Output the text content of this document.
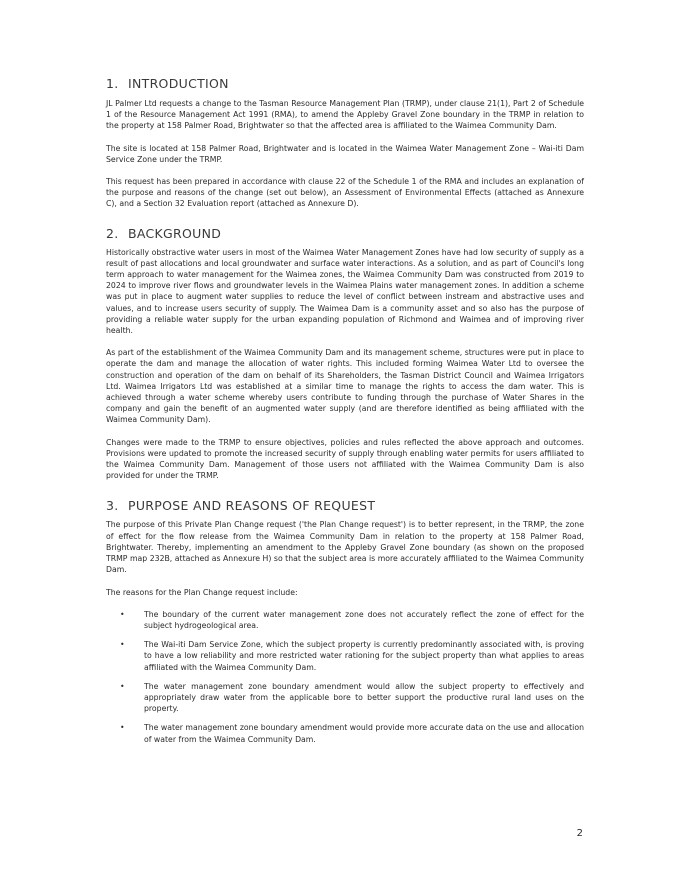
1. INTRODUCTION

JL Palmer Ltd requests a change to the Tasman Resource Management Plan (TRMP), under clause 21(1), Part 2 of Schedule 1 of the Resource Management Act 1991 (RMA), to amend the Appleby Gravel Zone boundary in the TRMP in relation to the property at 158 Palmer Road, Brightwater so that the affected area is affiliated to the Waimea Community Dam.

The site is located at 158 Palmer Road, Brightwater and is located in the Waimea Water Management Zone – Wai-iti Dam Service Zone under the TRMP.

This request has been prepared in accordance with clause 22 of the Schedule 1 of the RMA and includes an explanation of the purpose and reasons of the change (set out below), an Assessment of Environmental Effects (attached as Annexure C), and a Section 32 Evaluation report (attached as Annexure D).

2. BACKGROUND

Historically obstractive water users in most of the Waimea Water Management Zones have had low security of supply as a result of past allocations and local groundwater and surface water interactions. As a solution, and as part of Council's long term approach to water management for the Waimea zones, the Waimea Community Dam was constructed from 2019 to 2024 to improve river flows and groundwater levels in the Waimea Plains water management zones. In addition a scheme was put in place to augment water supplies to reduce the level of conflict between instream and abstractive uses and values, and to increase users security of supply. The Waimea Dam is a community asset and so also has the purpose of providing a reliable water supply for the urban expanding population of Richmond and Waimea and of improving river health.

As part of the establishment of the Waimea Community Dam and its management scheme, structures were put in place to operate the dam and manage the allocation of water rights. This included forming Waimea Water Ltd to oversee the construction and operation of the dam on behalf of its Shareholders, the Tasman District Council and Waimea Irrigators Ltd. Waimea Irrigators Ltd was established at a similar time to manage the rights to access the dam water. This is achieved through a water scheme whereby users contribute to funding through the purchase of Water Shares in the company and gain the benefit of an augmented water supply (and are therefore identified as being affiliated with the Waimea Community Dam).

Changes were made to the TRMP to ensure objectives, policies and rules reflected the above approach and outcomes. Provisions were updated to promote the increased security of supply through enabling water permits for users affiliated to the Waimea Community Dam. Management of those users not affiliated with the Waimea Community Dam is also provided for under the TRMP.

3. PURPOSE AND REASONS OF REQUEST

The purpose of this Private Plan Change request ('the Plan Change request') is to better represent, in the TRMP, the zone of effect for the flow release from the Waimea Community Dam in relation to the property at 158 Palmer Road, Brightwater. Thereby, implementing an amendment to the Appleby Gravel Zone boundary (as shown on the proposed TRMP map 232B, attached as Annexure H) so that the subject area is more accurately affiliated to the Waimea Community Dam.

The reasons for the Plan Change request include:

•	The boundary of the current water management zone does not accurately reflect the zone of effect for the subject hydrogeological area.
•	The Wai-iti Dam Service Zone, which the subject property is currently predominantly associated with, is proving to have a low reliability and more restricted water rationing for the subject property than what applies to areas affiliated with the Waimea Community Dam.
•	The water management zone boundary amendment would allow the subject property to effectively and appropriately draw water from the applicable bore to better support the productive rural land uses on the property.
•	The water management zone boundary amendment would provide more accurate data on the use and allocation of water from the Waimea Community Dam.
2
